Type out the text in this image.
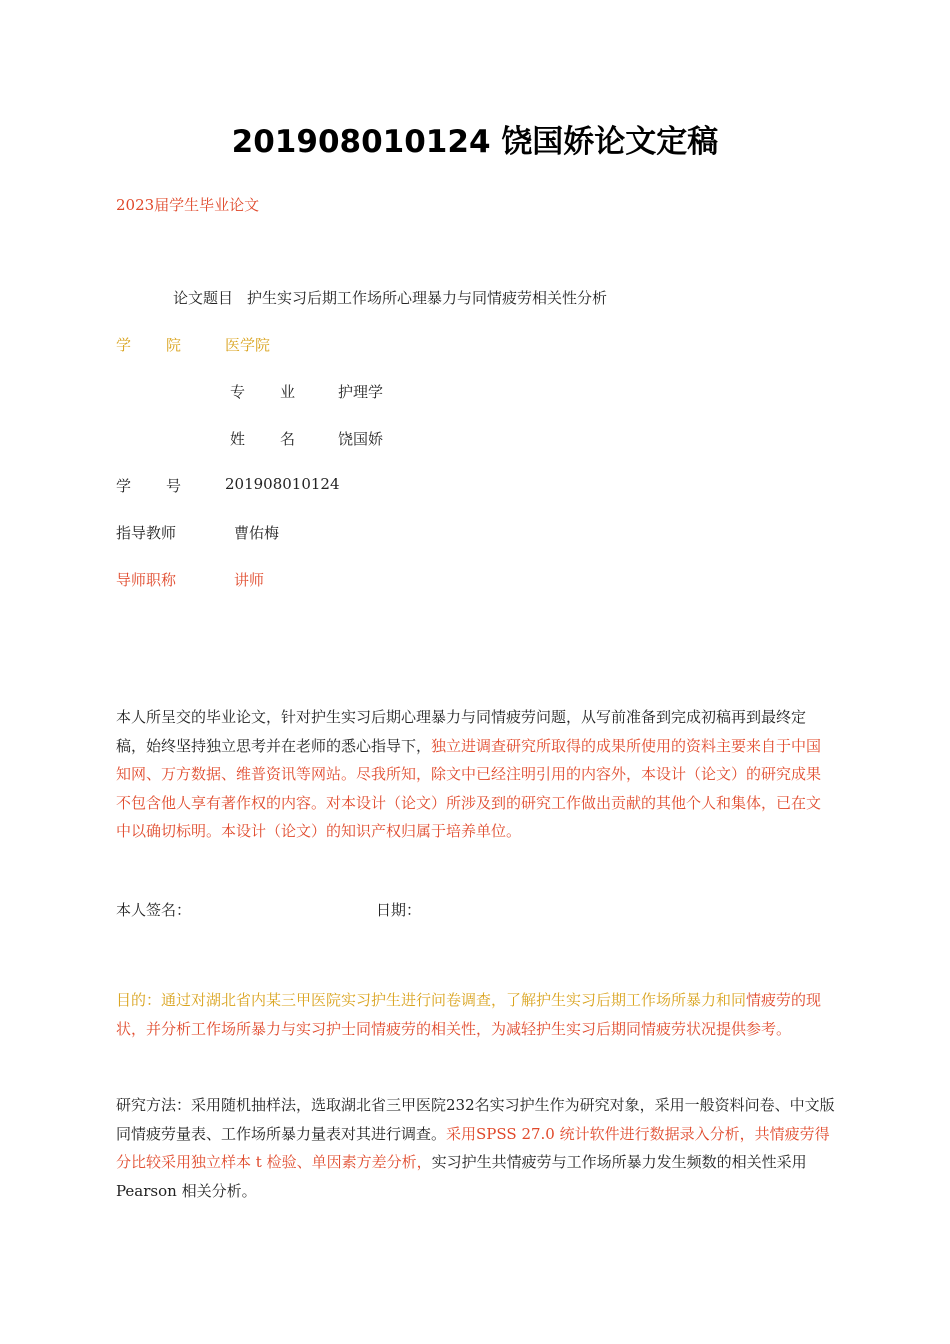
201908010124 饶国娇论文定稿
2023届学生毕业论文
论文题目 护生实习后期工作场所心理暴力与同情疲劳相关性分析
学 院	医学院
专 业	护理学
姓 名	饶国娇
学 号	201908010124
指导教师	曹佑梅
导师职称	讲师
本人所呈交的毕业论文，针对护生实习后期心理暴力与同情疲劳问题，从写前准备到完成初稿再到最终定稿，始终坚持独立思考并在老师的悉心指导下，独立进调查研究所取得的成果所使用的资料主要来自于中国知网、万方数据、维普资讯等网站。尽我所知，除文中已经注明引用的内容外，本设计（论文）的研究成果不包含他人享有著作权的内容。对本设计（论文）所涉及到的研究工作做出贡献的其他个人和集体，已在文中以确切标明。本设计（论文）的知识产权归属于培养单位。
本人签名：	日期：
目的：通过对湖北省内某三甲医院实习护生进行问卷调查，了解护生实习后期工作场所暴力和同情疲劳的现状，并分析工作场所暴力与实习护士同情疲劳的相关性，为减轻护生实习后期同情疲劳状况提供参考。
研究方法：采用随机抽样法，选取湖北省三甲医院232名实习护生作为研究对象，采用一般资料问卷、中文版同情疲劳量表、工作场所暴力量表对其进行调查。采用SPSS 27.0 统计软件进行数据录入分析，共情疲劳得分比较采用独立样本 t 检验、单因素方差分析，实习护生共情疲劳与工作场所暴力发生频数的相关性采用 Pearson 相关分析。
